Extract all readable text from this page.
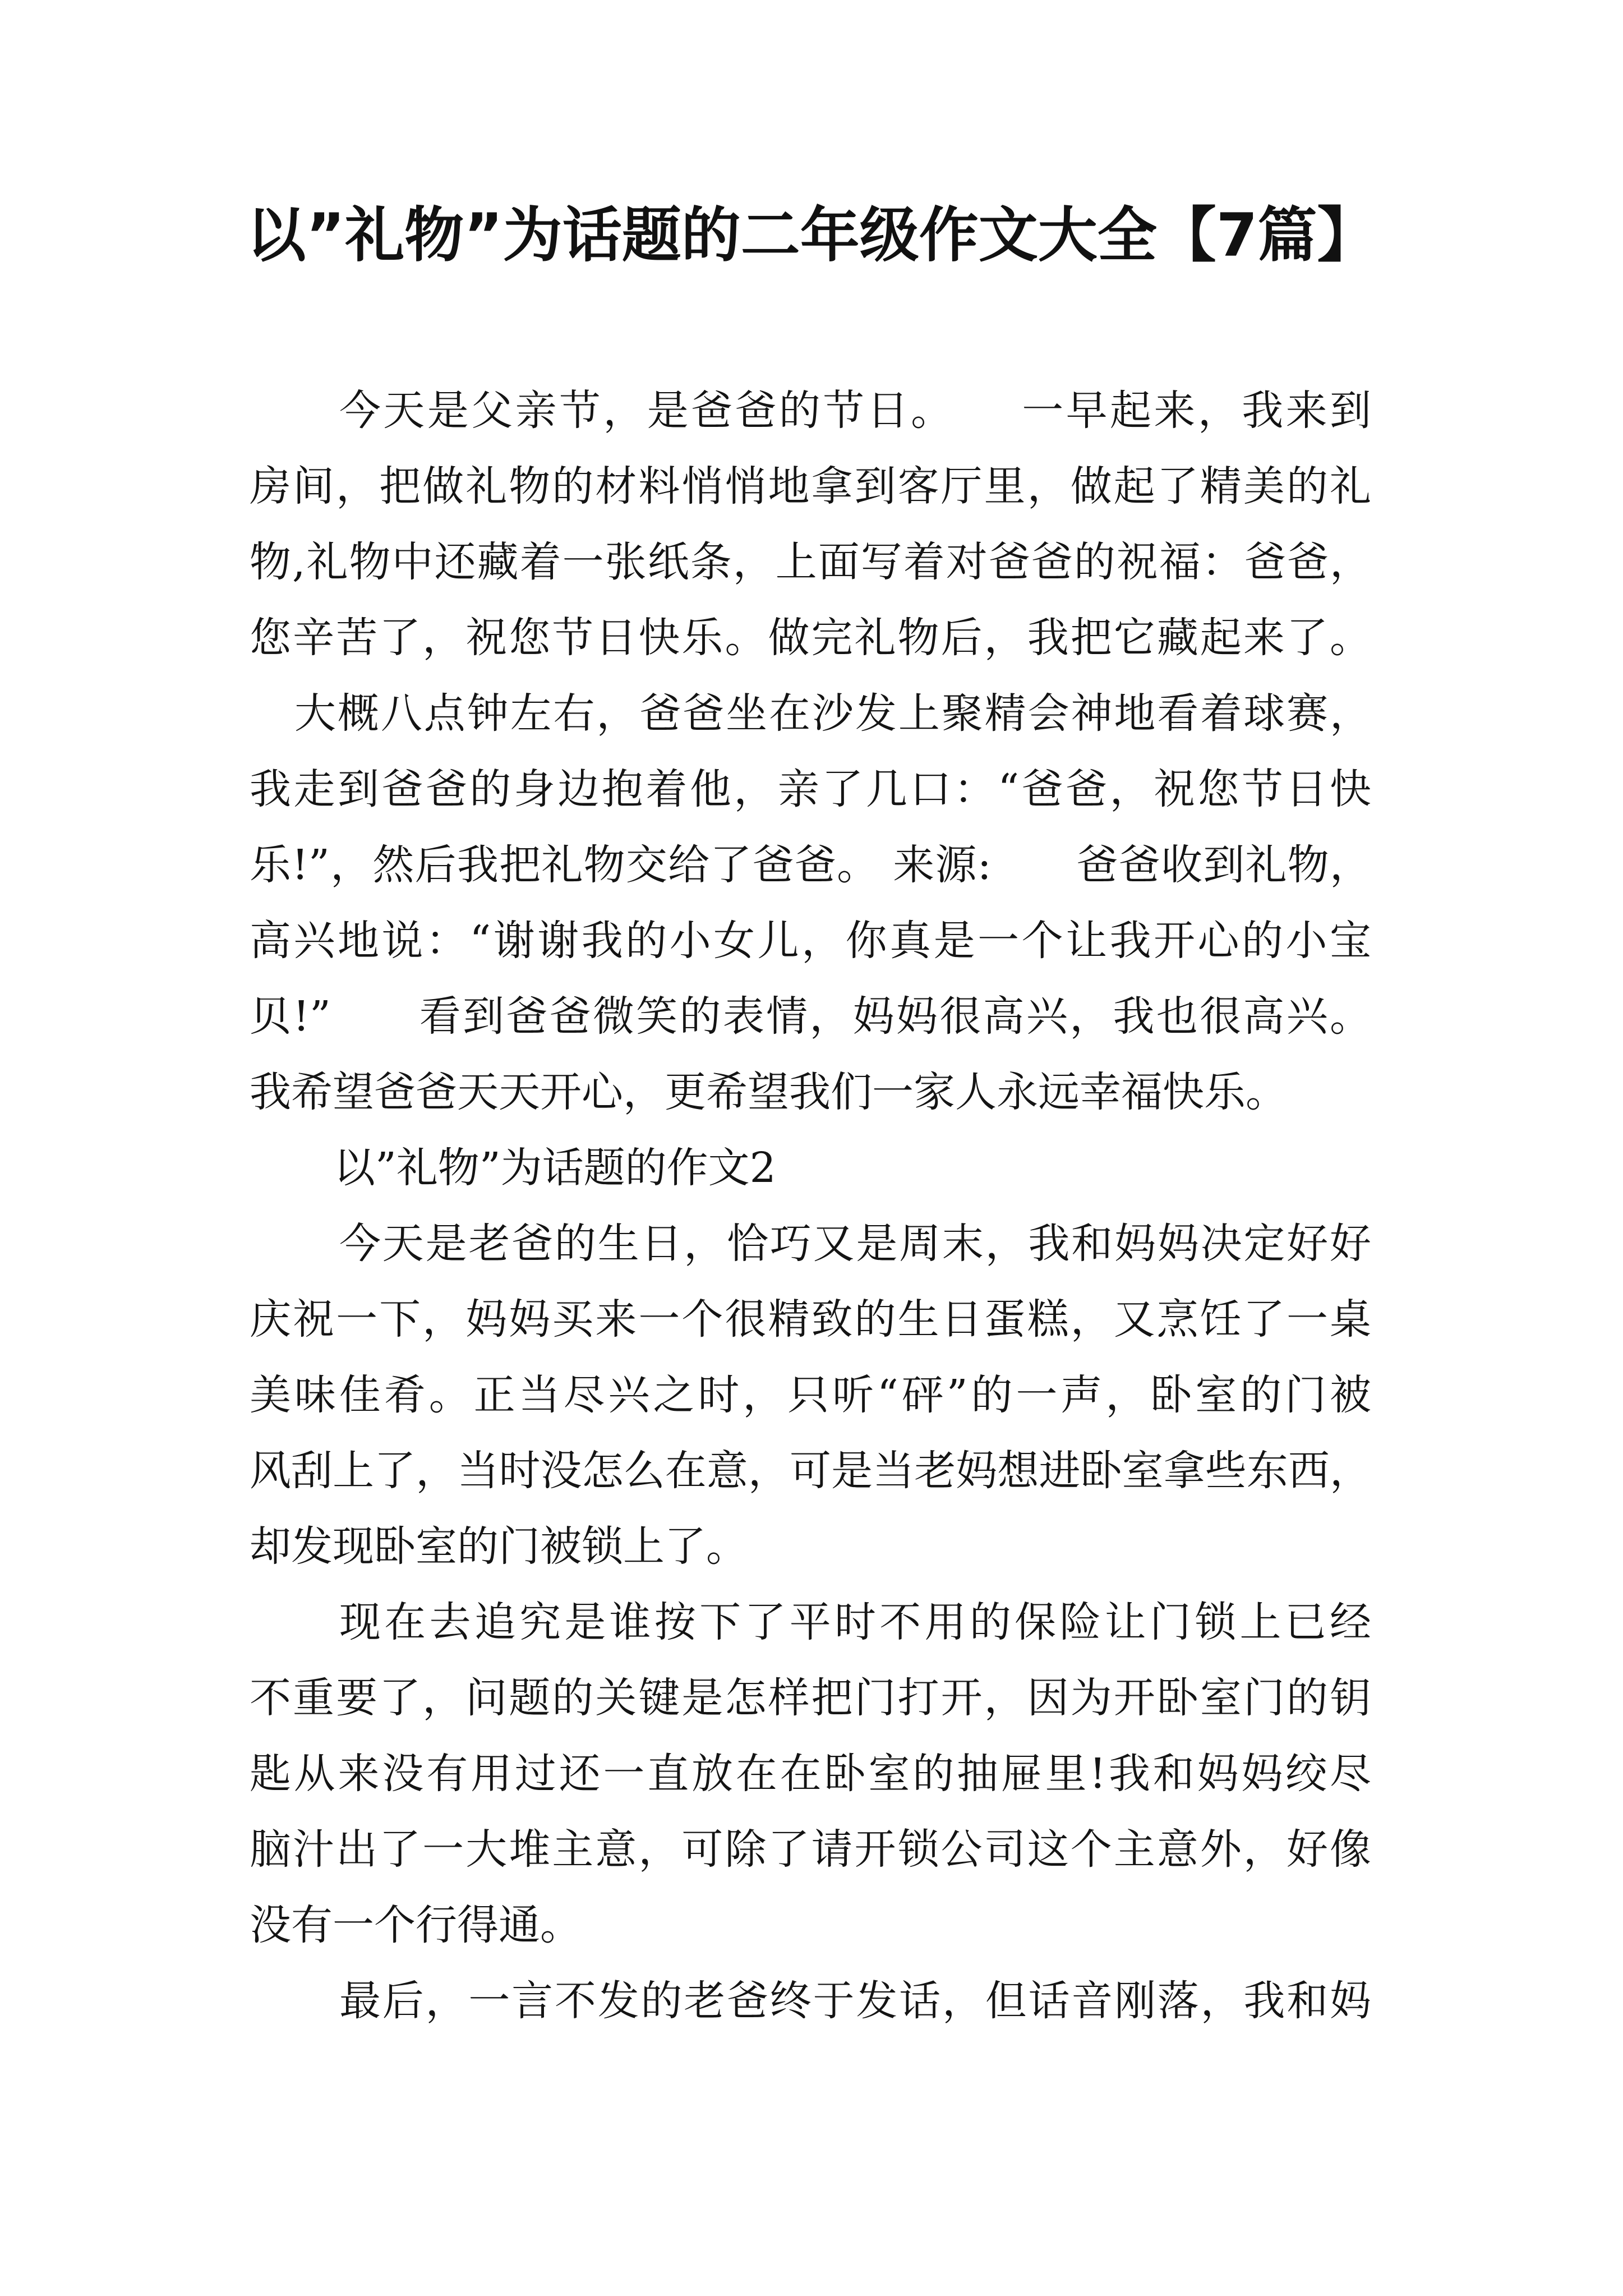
以”礼物”为话题的二年级作文大全【7篇】

今天是父亲节，是爸爸的节日。　　一早起来，我来到

房间，把做礼物的材料悄悄地拿到客厅里，做起了精美的礼

物,礼物中还藏着一张纸条，上面写着对爸爸的祝福：爸爸，

您辛苦了，祝您节日快乐。做完礼物后，我把它藏起来了。

大概八点钟左右，爸爸坐在沙发上聚精会神地看着球赛，

我走到爸爸的身边抱着他，亲了几口：“爸爸，祝您节日快

乐!”，然后我把礼物交给了爸爸。 来源:　　爸爸收到礼物，

高兴地说：“谢谢我的小女儿，你真是一个让我开心的小宝

贝!”　　看到爸爸微笑的表情，妈妈很高兴，我也很高兴。

我希望爸爸天天开心，更希望我们一家人永远幸福快乐。

以”礼物”为话题的作文2

今天是老爸的生日，恰巧又是周末，我和妈妈决定好好

庆祝一下，妈妈买来一个很精致的生日蛋糕，又烹饪了一桌

美味佳肴。正当尽兴之时，只听“砰”的一声，卧室的门被

风刮上了，当时没怎么在意，可是当老妈想进卧室拿些东西，

却发现卧室的门被锁上了。

现在去追究是谁按下了平时不用的保险让门锁上已经

不重要了，问题的关键是怎样把门打开，因为开卧室门的钥

匙从来没有用过还一直放在在卧室的抽屉里!我和妈妈绞尽

脑汁出了一大堆主意，可除了请开锁公司这个主意外，好像

没有一个行得通。

最后，一言不发的老爸终于发话，但话音刚落，我和妈
